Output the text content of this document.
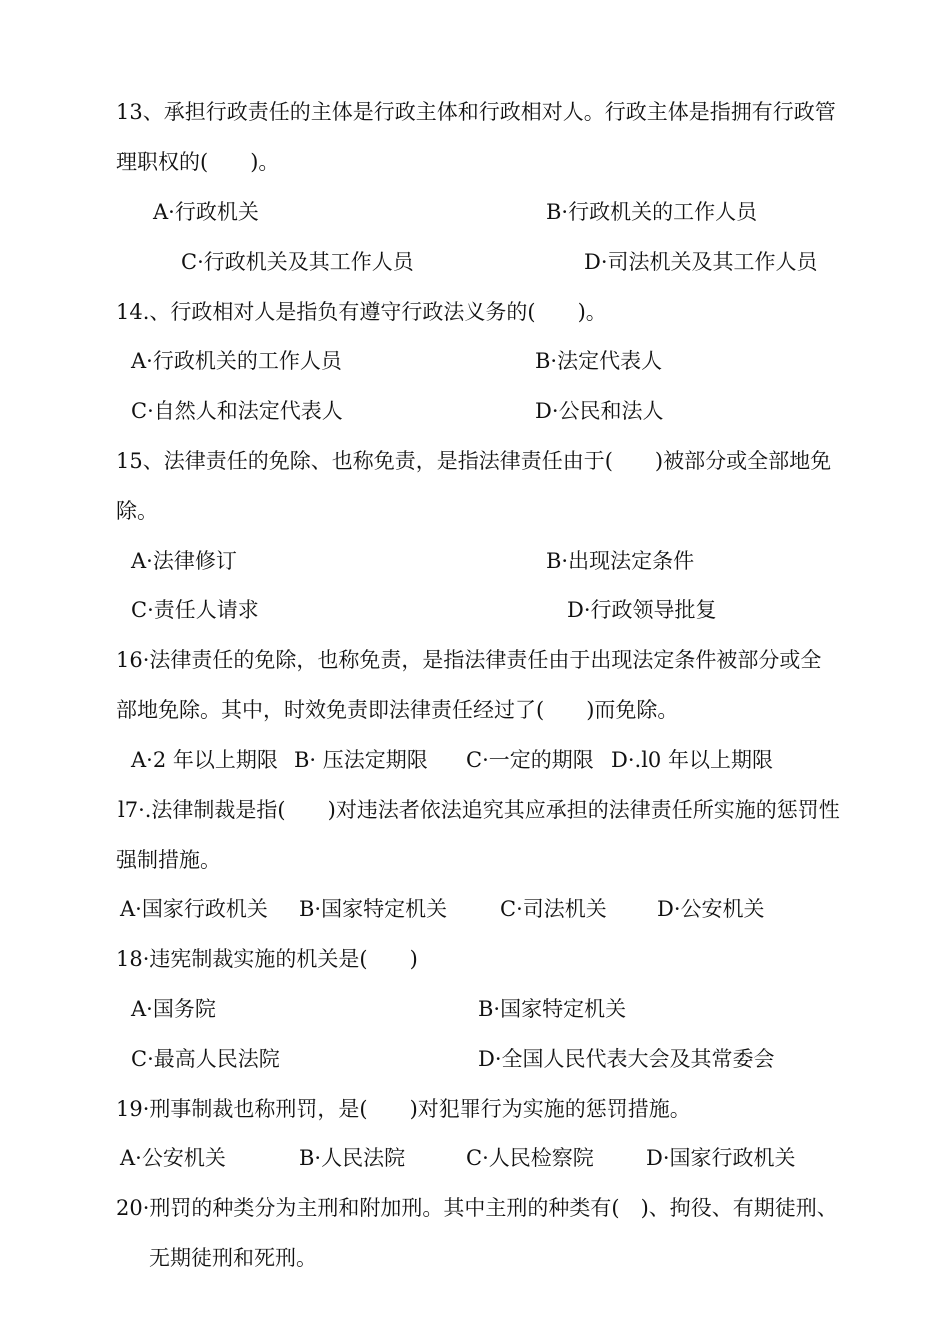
13、承担行政责任的主体是行政主体和行政相对人。行政主体是指拥有行政管
理职权的(　　)。
A·行政机关	B·行政机关的工作人员
C·行政机关及其工作人员	D·司法机关及其工作人员
14.、行政相对人是指负有遵守行政法义务的(　　)。
A·行政机关的工作人员	B·法定代表人
C·自然人和法定代表人	D·公民和法人
15、法律责任的免除、也称免责，是指法律责任由于(　　)被部分或全部地免
除。
A·法律修订	B·出现法定条件
C·责任人请求	D·行政领导批复
16·法律责任的免除，也称免责，是指法律责任由于出现法定条件被部分或全
部地免除。其中，时效免责即法律责任经过了(　　)而免除。
A·2 年以上期限 B· 压法定期限 C·一定的期限 D·.l0 年以上期限
l7·.法律制裁是指(　　)对违法者依法追究其应承担的法律责任所实施的惩罚性
强制措施。
A·国家行政机关 B·国家特定机关	C·司法机关 D·公安机关
18·违宪制裁实施的机关是(　　)
A·国务院	B·国家特定机关
C·最高人民法院	D·全国人民代表大会及其常委会
19·刑事制裁也称刑罚，是(　　)对犯罪行为实施的惩罚措施。
A·公安机关	B·人民法院	C·人民检察院 D·国家行政机关
20·刑罚的种类分为主刑和附加刑。其中主刑的种类有(　)、拘役、有期徒刑、
无期徒刑和死刑。
